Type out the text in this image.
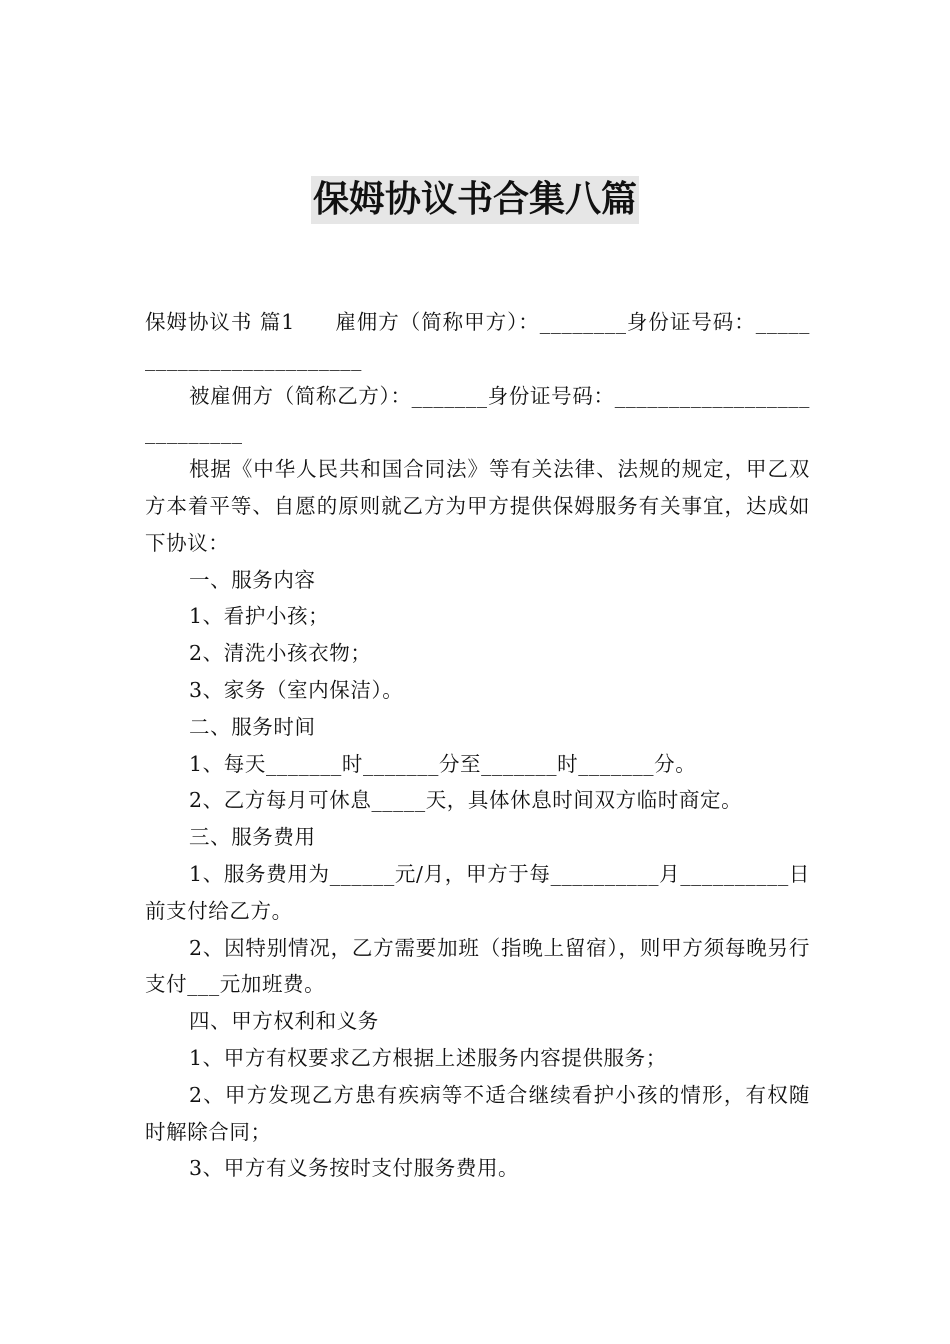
保姆协议书合集八篇

保姆协议书 篇1 雇佣方（简称甲方）：________身份证号码：_________________________

被雇佣方（简称乙方）：_______身份证号码：___________________________

根据《中华人民共和国合同法》等有关法律、法规的规定，甲乙双方本着平等、自愿的原则就乙方为甲方提供保姆服务有关事宜，达成如下协议：

一、服务内容

1、看护小孩；

2、清洗小孩衣物；

3、家务（室内保洁）。

二、服务时间

1、每天_______时_______分至_______时_______分。

2、乙方每月可休息_____天，具体休息时间双方临时商定。

三、服务费用

1、服务费用为______元/月，甲方于每__________月__________日前支付给乙方。

2、因特别情况，乙方需要加班（指晚上留宿），则甲方须每晚另行支付___元加班费。

四、甲方权利和义务

1、甲方有权要求乙方根据上述服务内容提供服务；

2、甲方发现乙方患有疾病等不适合继续看护小孩的情形，有权随时解除合同；

3、甲方有义务按时支付服务费用。
